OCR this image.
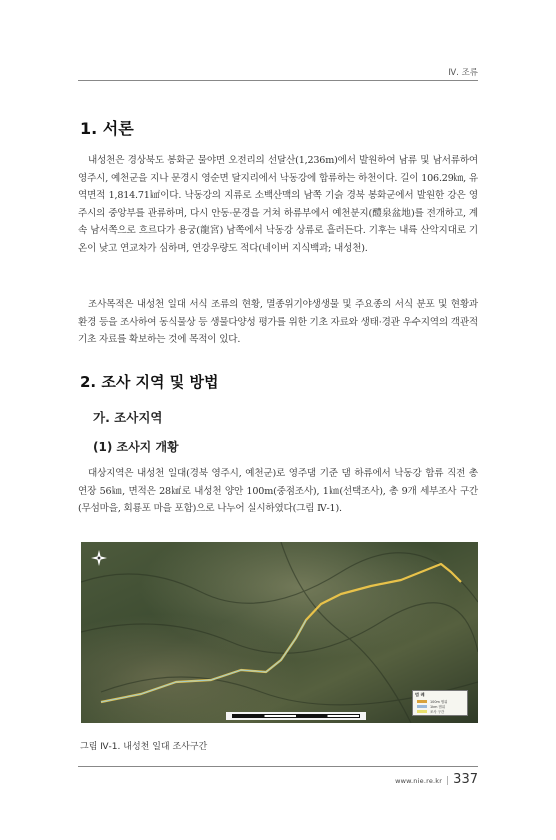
Ⅳ. 조류
1. 서론

내성천은 경상북도 봉화군 물야면 오전리의 선달산(1,236m)에서 발원하여 남류 및 남서류하여 영주시, 예천군을 지나 문경시 영순면 달지리에서 낙동강에 합류하는 하천이다. 길이 106.29㎞, 유역면적 1,814.71㎢이다. 낙동강의 지류로 소백산맥의 남쪽 기슭 경북 봉화군에서 발원한 강은 영주시의 중앙부를 관류하며, 다시 안동·문경을 거쳐 하류부에서 예천분지(醴泉盆地)를 전개하고, 계속 남서쪽으로 흐르다가 용궁(龍宮) 남쪽에서 낙동강 상류로 흘러든다. 기후는 내륙 산악지대로 기온이 낮고 연교차가 심하며, 연강우량도 적다(네이버 지식백과; 내성천).

조사목적은 내성천 일대 서식 조류의 현황, 멸종위기야생생물 및 주요종의 서식 분포 및 현황과 환경 등을 조사하여 동식물상 등 생물다양성 평가를 위한 기초 자료와 생태·경관 우수지역의 객관적 기초 자료를 확보하는 것에 목적이 있다.

2. 조사 지역 및 방법
가. 조사지역
(1) 조사지 개황

대상지역은 내성천 일대(경북 영주시, 예천군)로 영주댐 기준 댐 하류에서 낙동강 합류 직전 총 연장 56㎞, 면적은 28㎢로 내성천 양안 100m(중점조사), 1㎞(선택조사), 총 9개 세부조사 구간(무섬마을, 회룡포 마을 포함)으로 나누어 실시하였다(그림 Ⅳ-1).

범 례
100m 범위
1km 범위
조사 구간

그림 Ⅳ-1. 내성천 일대 조사구간

www.nie.re.kr | 337
